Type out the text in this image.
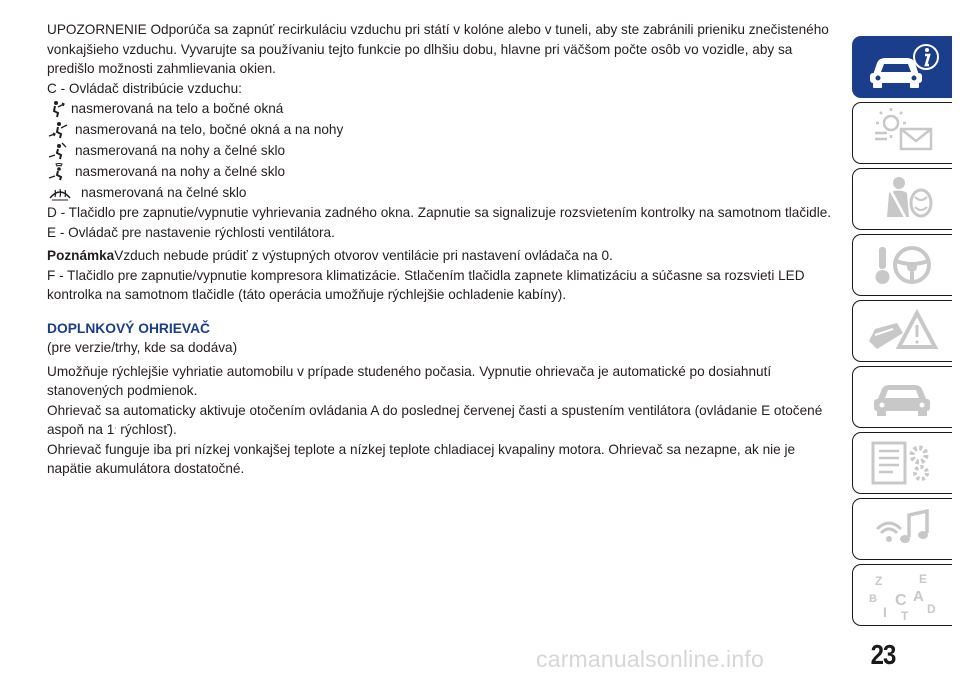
UPOZORNENIE Odporúča sa zapnúť recirkuláciu vzduchu pri státí v kolóne alebo v tuneli, aby ste zabránili prieniku znečisteného vonkajšieho vzduchu. Vyvarujte sa používaniu tejto funkcie po dlhšiu dobu, hlavne pri väčšom počte osôb vo vozidle, aby sa predišlo možnosti zahmlievania okien.

C - Ovládač distribúcie vzduchu:

nasmerovaná na telo a bočné okná
nasmerovaná na telo, bočné okná a na nohy
nasmerovaná na nohy a čelné sklo
nasmerovaná na nohy a čelné sklo
nasmerovaná na čelné sklo

D - Tlačidlo pre zapnutie/vypnutie vyhrievania zadného okna. Zapnutie sa signalizuje rozsvietením kontrolky na samotnom tlačidle.

E - Ovládač pre nastavenie rýchlosti ventilátora.

PoznámkaVzduch nebude prúdiť z výstupných otvorov ventilácie pri nastavení ovládača na 0.

F - Tlačidlo pre zapnutie/vypnutie kompresora klimatizácie. Stlačením tlačidla zapnete klimatizáciu a súčasne sa rozsvieti LED kontrolka na samotnom tlačidle (táto operácia umožňuje rýchlejšie ochladenie kabíny).

DOPLNKOVÝ OHRIEVAČ

(pre verzie/trhy, kde sa dodáva)

Umožňuje rýchlejšie vyhriatie automobilu v prípade studeného počasia. Vypnutie ohrievača je automatické po dosiahnutí stanovených podmienok.

Ohrievač sa automaticky aktivuje otočením ovládania A do poslednej červenej časti a spustením ventilátora (ovládanie E otočené aspoň na 1. rýchlosť).

Ohrievač funguje iba pri nízkej vonkajšej teplote a nízkej teplote chladiacej kvapaliny motora. Ohrievač sa nezapne, ak nie je napätie akumulátora dostatočné.

Z	E
B A
I
C D
T
23
carmanualsonline.info
